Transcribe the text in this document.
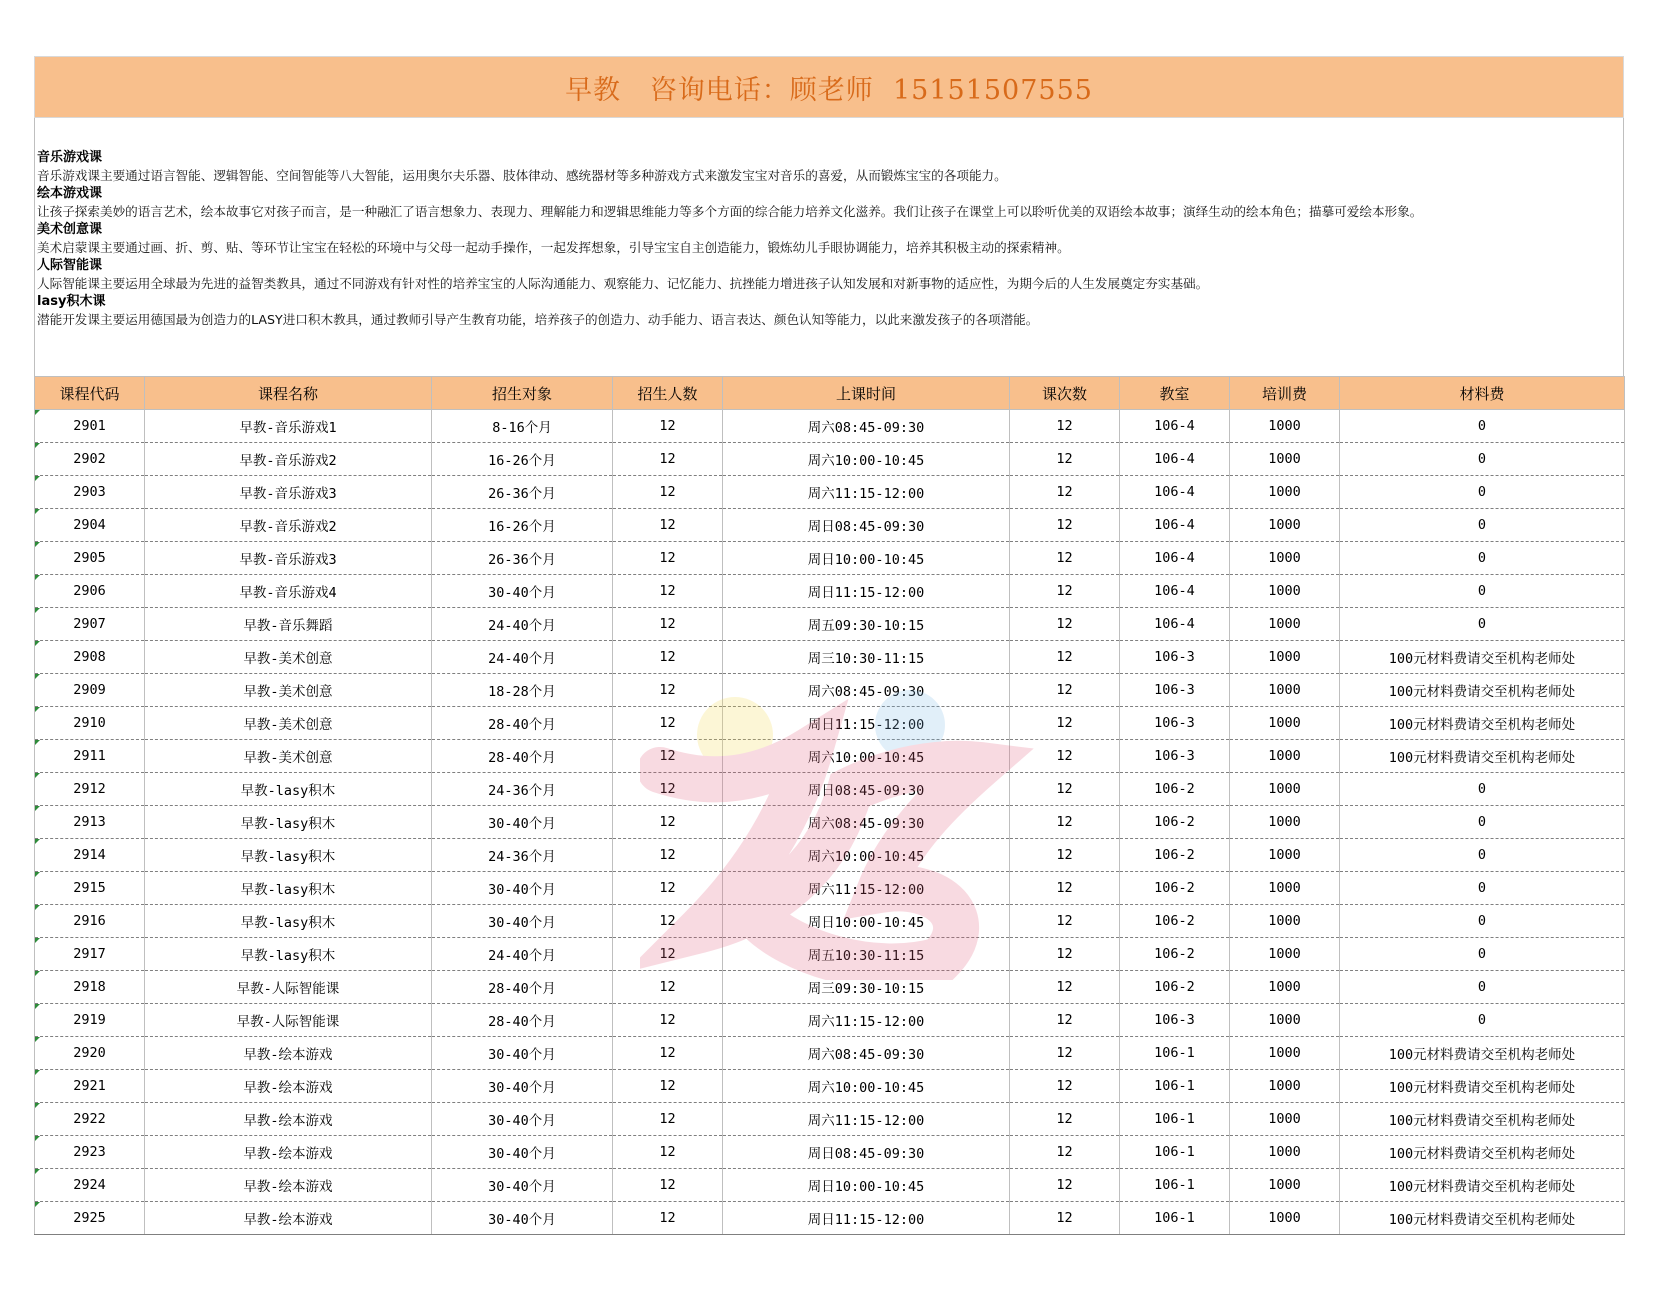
早教   咨询电话：顾老师  15151507555
音乐游戏课
音乐游戏课主要通过语言智能、逻辑智能、空间智能等八大智能，运用奥尔夫乐器、肢体律动、感统器材等多种游戏方式来激发宝宝对音乐的喜爱，从而锻炼宝宝的各项能力。
绘本游戏课
让孩子探索美妙的语言艺术，绘本故事它对孩子而言，是一种融汇了语言想象力、表现力、理解能力和逻辑思维能力等多个方面的综合能力培养文化滋养。我们让孩子在课堂上可以聆听优美的双语绘本故事；演绎生动的绘本角色；描摹可爱绘本形象。
美术创意课
美术启蒙课主要通过画、折、剪、贴、等环节让宝宝在轻松的环境中与父母一起动手操作，一起发挥想象，引导宝宝自主创造能力，锻炼幼儿手眼协调能力，培养其积极主动的探索精神。
人际智能课
人际智能课主要运用全球最为先进的益智类教具，通过不同游戏有针对性的培养宝宝的人际沟通能力、观察能力、记忆能力、抗挫能力增进孩子认知发展和对新事物的适应性，为期今后的人生发展奠定夯实基础。
lasy积木课
潜能开发课主要运用德国最为创造力的LASY进口积木教具，通过教师引导产生教育功能，培养孩子的创造力、动手能力、语言表达、颜色认知等能力，以此来激发孩子的各项潜能。
课程代码	课程名称	招生对象	招生人数	上课时间	课次数	教室	培训费	材料费

2901	早教-音乐游戏1	8-16个月	12	周六08:45-09:30	12	106-4	1000	0

2902	早教-音乐游戏2	16-26个月	12	周六10:00-10:45	12	106-4	1000	0

2903	早教-音乐游戏3	26-36个月	12	周六11:15-12:00	12	106-4	1000	0

2904	早教-音乐游戏2	16-26个月	12	周日08:45-09:30	12	106-4	1000	0

2905	早教-音乐游戏3	26-36个月	12	周日10:00-10:45	12	106-4	1000	0

2906	早教-音乐游戏4	30-40个月	12	周日11:15-12:00	12	106-4	1000	0

2907	早教-音乐舞蹈	24-40个月	12	周五09:30-10:15	12	106-4	1000	0

2908	早教-美术创意	24-40个月	12	周三10:30-11:15	12	106-3	1000	100元材料费请交至机构老师处

2909	早教-美术创意	18-28个月	12	周六08:45-09:30	12	106-3	1000	100元材料费请交至机构老师处

2910	早教-美术创意	28-40个月	12	周日11:15-12:00	12	106-3	1000	100元材料费请交至机构老师处

2911	早教-美术创意	28-40个月	12	周六10:00-10:45	12	106-3	1000	100元材料费请交至机构老师处

2912	早教-lasy积木	24-36个月	12	周日08:45-09:30	12	106-2	1000	0

2913	早教-lasy积木	30-40个月	12	周六08:45-09:30	12	106-2	1000	0

2914	早教-lasy积木	24-36个月	12	周六10:00-10:45	12	106-2	1000	0

2915	早教-lasy积木	30-40个月	12	周六11:15-12:00	12	106-2	1000	0

2916	早教-lasy积木	30-40个月	12	周日10:00-10:45	12	106-2	1000	0

2917	早教-lasy积木	24-40个月	12	周五10:30-11:15	12	106-2	1000	0

2918	早教-人际智能课	28-40个月	12	周三09:30-10:15	12	106-2	1000	0

2919	早教-人际智能课	28-40个月	12	周六11:15-12:00	12	106-3	1000	0

2920	早教-绘本游戏	30-40个月	12	周六08:45-09:30	12	106-1	1000	100元材料费请交至机构老师处

2921	早教-绘本游戏	30-40个月	12	周六10:00-10:45	12	106-1	1000	100元材料费请交至机构老师处

2922	早教-绘本游戏	30-40个月	12	周六11:15-12:00	12	106-1	1000	100元材料费请交至机构老师处

2923	早教-绘本游戏	30-40个月	12	周日08:45-09:30	12	106-1	1000	100元材料费请交至机构老师处

2924	早教-绘本游戏	30-40个月	12	周日10:00-10:45	12	106-1	1000	100元材料费请交至机构老师处

2925	早教-绘本游戏	30-40个月	12	周日11:15-12:00	12	106-1	1000	100元材料费请交至机构老师处
